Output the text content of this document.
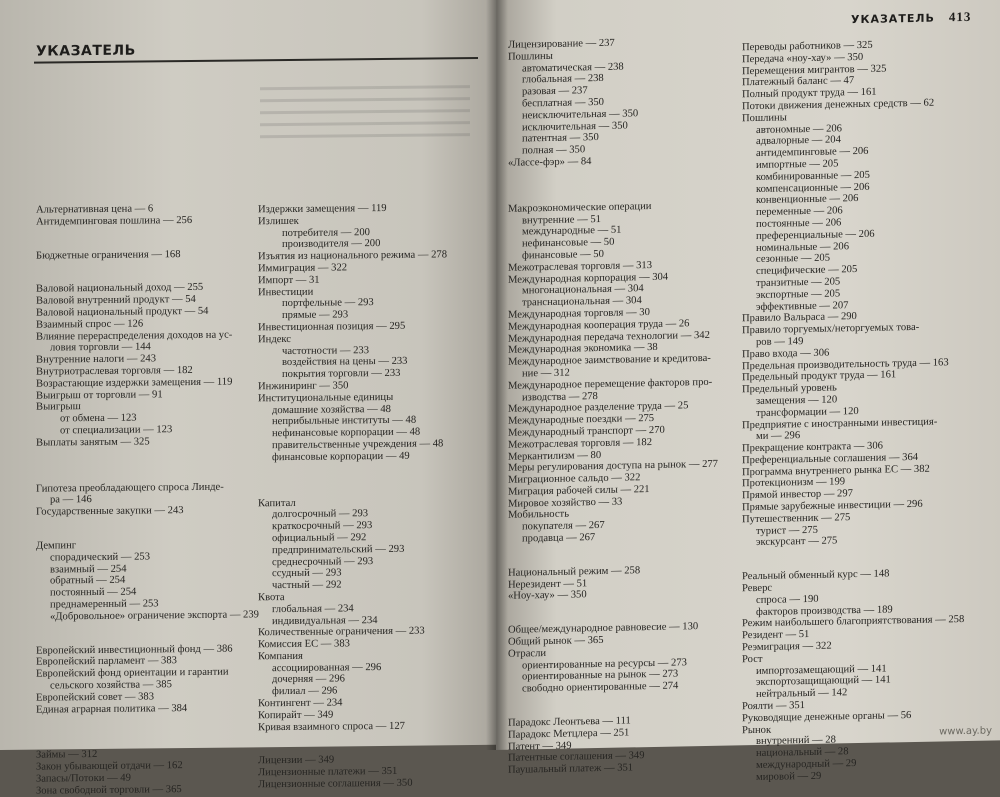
УКАЗАТЕЛЬ
Альтернативная цена — 6
Антидемпинговая пошлина — 256
Бюджетные ограничения — 168
Валовой национальный доход — 255
Валовой внутренний продукт — 54
Валовой национальный продукт — 54
Взаимный спрос — 126
Влияние перераспределения доходов на ус-
ловия торговли — 144
Внутренние налоги — 243
Внутриотраслевая торговля — 182
Возрастающие издержки замещения — 119
Выигрыш от торговли — 91
Выигрыш
от обмена — 123
от специализации — 123
Выплаты занятым — 325
Гипотеза преобладающего спроса Линде-
ра — 146
Государственные закупки — 243
Демпинг
спорадический — 253
взаимный — 254
обратный — 254
постоянный — 254
преднамеренный — 253
«Добровольное» ограничение экспорта — 239
Европейский инвестиционный фонд — 386
Европейский парламент — 383
Европейский фонд ориентации и гарантии
сельского хозяйства — 385
Европейский совет — 383
Единая аграрная политика — 384
Займы — 312
Закон убывающей отдачи — 162
Запасы/Потоки — 49
Зона свободной торговли — 365
Издержки замещения — 119
Излишек
потребителя — 200
производителя — 200
Изъятия из национального режима — 278
Иммиграция — 322
Импорт — 31
Инвестиции
портфельные — 293
прямые — 293
Инвестиционная позиция — 295
Индекс
частотности — 233
воздействия на цены — 233
покрытия торговли — 233
Инжиниринг — 350
Институциональные единицы
домашние хозяйства — 48
неприбыльные институты — 48
нефинансовые корпорации — 48
правительственные учреждения — 48
финансовые корпорации — 49
Капитал
долгосрочный — 293
краткосрочный — 293
официальный — 292
предпринимательский — 293
среднесрочный — 293
ссудный — 293
частный — 292
Квота
глобальная — 234
индивидуальная — 234
Количественные ограничения — 233
Комиссия ЕС — 383
Компания
ассоциированная — 296
дочерняя — 296
филиал — 296
Контингент — 234
Копирайт — 349
Кривая взаимного спроса — 127
Лицензии — 349
Лицензионные платежи — 351
Лицензионные соглашения — 350
УКАЗАТЕЛЬ 413
Лицензирование — 237
Пошлины
автоматическая — 238
глобальная — 238
разовая — 237
бесплатная — 350
неисключительная — 350
исключительная — 350
патентная — 350
полная — 350
«Лассе-фэр» — 84
Макроэкономические операции
внутренние — 51
международные — 51
нефинансовые — 50
финансовые — 50
Межотраслевая торговля — 313
Международная корпорация — 304
многонациональная — 304
транснациональная — 304
Международная торговля — 30
Международная кооперация труда — 26
Международная передача технологии — 342
Международная экономика — 38
Международное заимствование и кредитова-
ние — 312
Международное перемещение факторов про-
изводства — 278
Международное разделение труда — 25
Международные поездки — 275
Международный транспорт — 270
Межотраслевая торговля — 182
Меркантилизм — 80
Меры регулирования доступа на рынок — 277
Миграционное сальдо — 322
Миграция рабочей силы — 221
Мировое хозяйство — 33
Мобильность
покупателя — 267
продавца — 267
Национальный режим — 258
Нерезидент — 51
«Ноу-хау» — 350
Общее/международное равновесие — 130
Общий рынок — 365
Отрасли
ориентированные на ресурсы — 273
ориентированные на рынок — 273
свободно ориентированные — 274
Парадокс Леонтьева — 111
Парадокс Метцлера — 251
Патент — 349
Патентные соглашения — 349
Паушальный платеж — 351
Переводы работников — 325
Передача «ноу-хау» — 350
Перемещения мигрантов — 325
Платежный баланс — 47
Полный продукт труда — 161
Потоки движения денежных средств — 62
Пошлины
автономные — 206
адвалорные — 204
антидемпинговые — 206
импортные — 205
комбинированные — 205
компенсационные — 206
конвенционные — 206
переменные — 206
постоянные — 206
преференциальные — 206
номинальные — 206
сезонные — 205
специфические — 205
транзитные — 205
экспортные — 205
эффективные — 207
Правило Вальраса — 290
Правило торгуемых/неторгуемых това-
ров — 149
Право входа — 306
Предельная производительность труда — 163
Предельный продукт труда — 161
Предельный уровень
замещения — 120
трансформации — 120
Предприятие с иностранными инвестиция-
ми — 296
Прекращение контракта — 306
Преференциальные соглашения — 364
Программа внутреннего рынка ЕС — 382
Протекционизм — 199
Прямой инвестор — 297
Прямые зарубежные инвестиции — 296
Путешественник — 275
турист — 275
экскурсант — 275
Реальный обменный курс — 148
Реверс
спроса — 190
факторов производства — 189
Режим наибольшего благоприятствования — 258
Резидент — 51
Реэмиграция — 322
Рост
импортозамещающий — 141
экспортозащищающий — 141
нейтральный — 142
Роялти — 351
Руководящие денежные органы — 56
Рынок
внутренний — 28
национальный — 28
международный — 29
мировой — 29
www.ay.by
